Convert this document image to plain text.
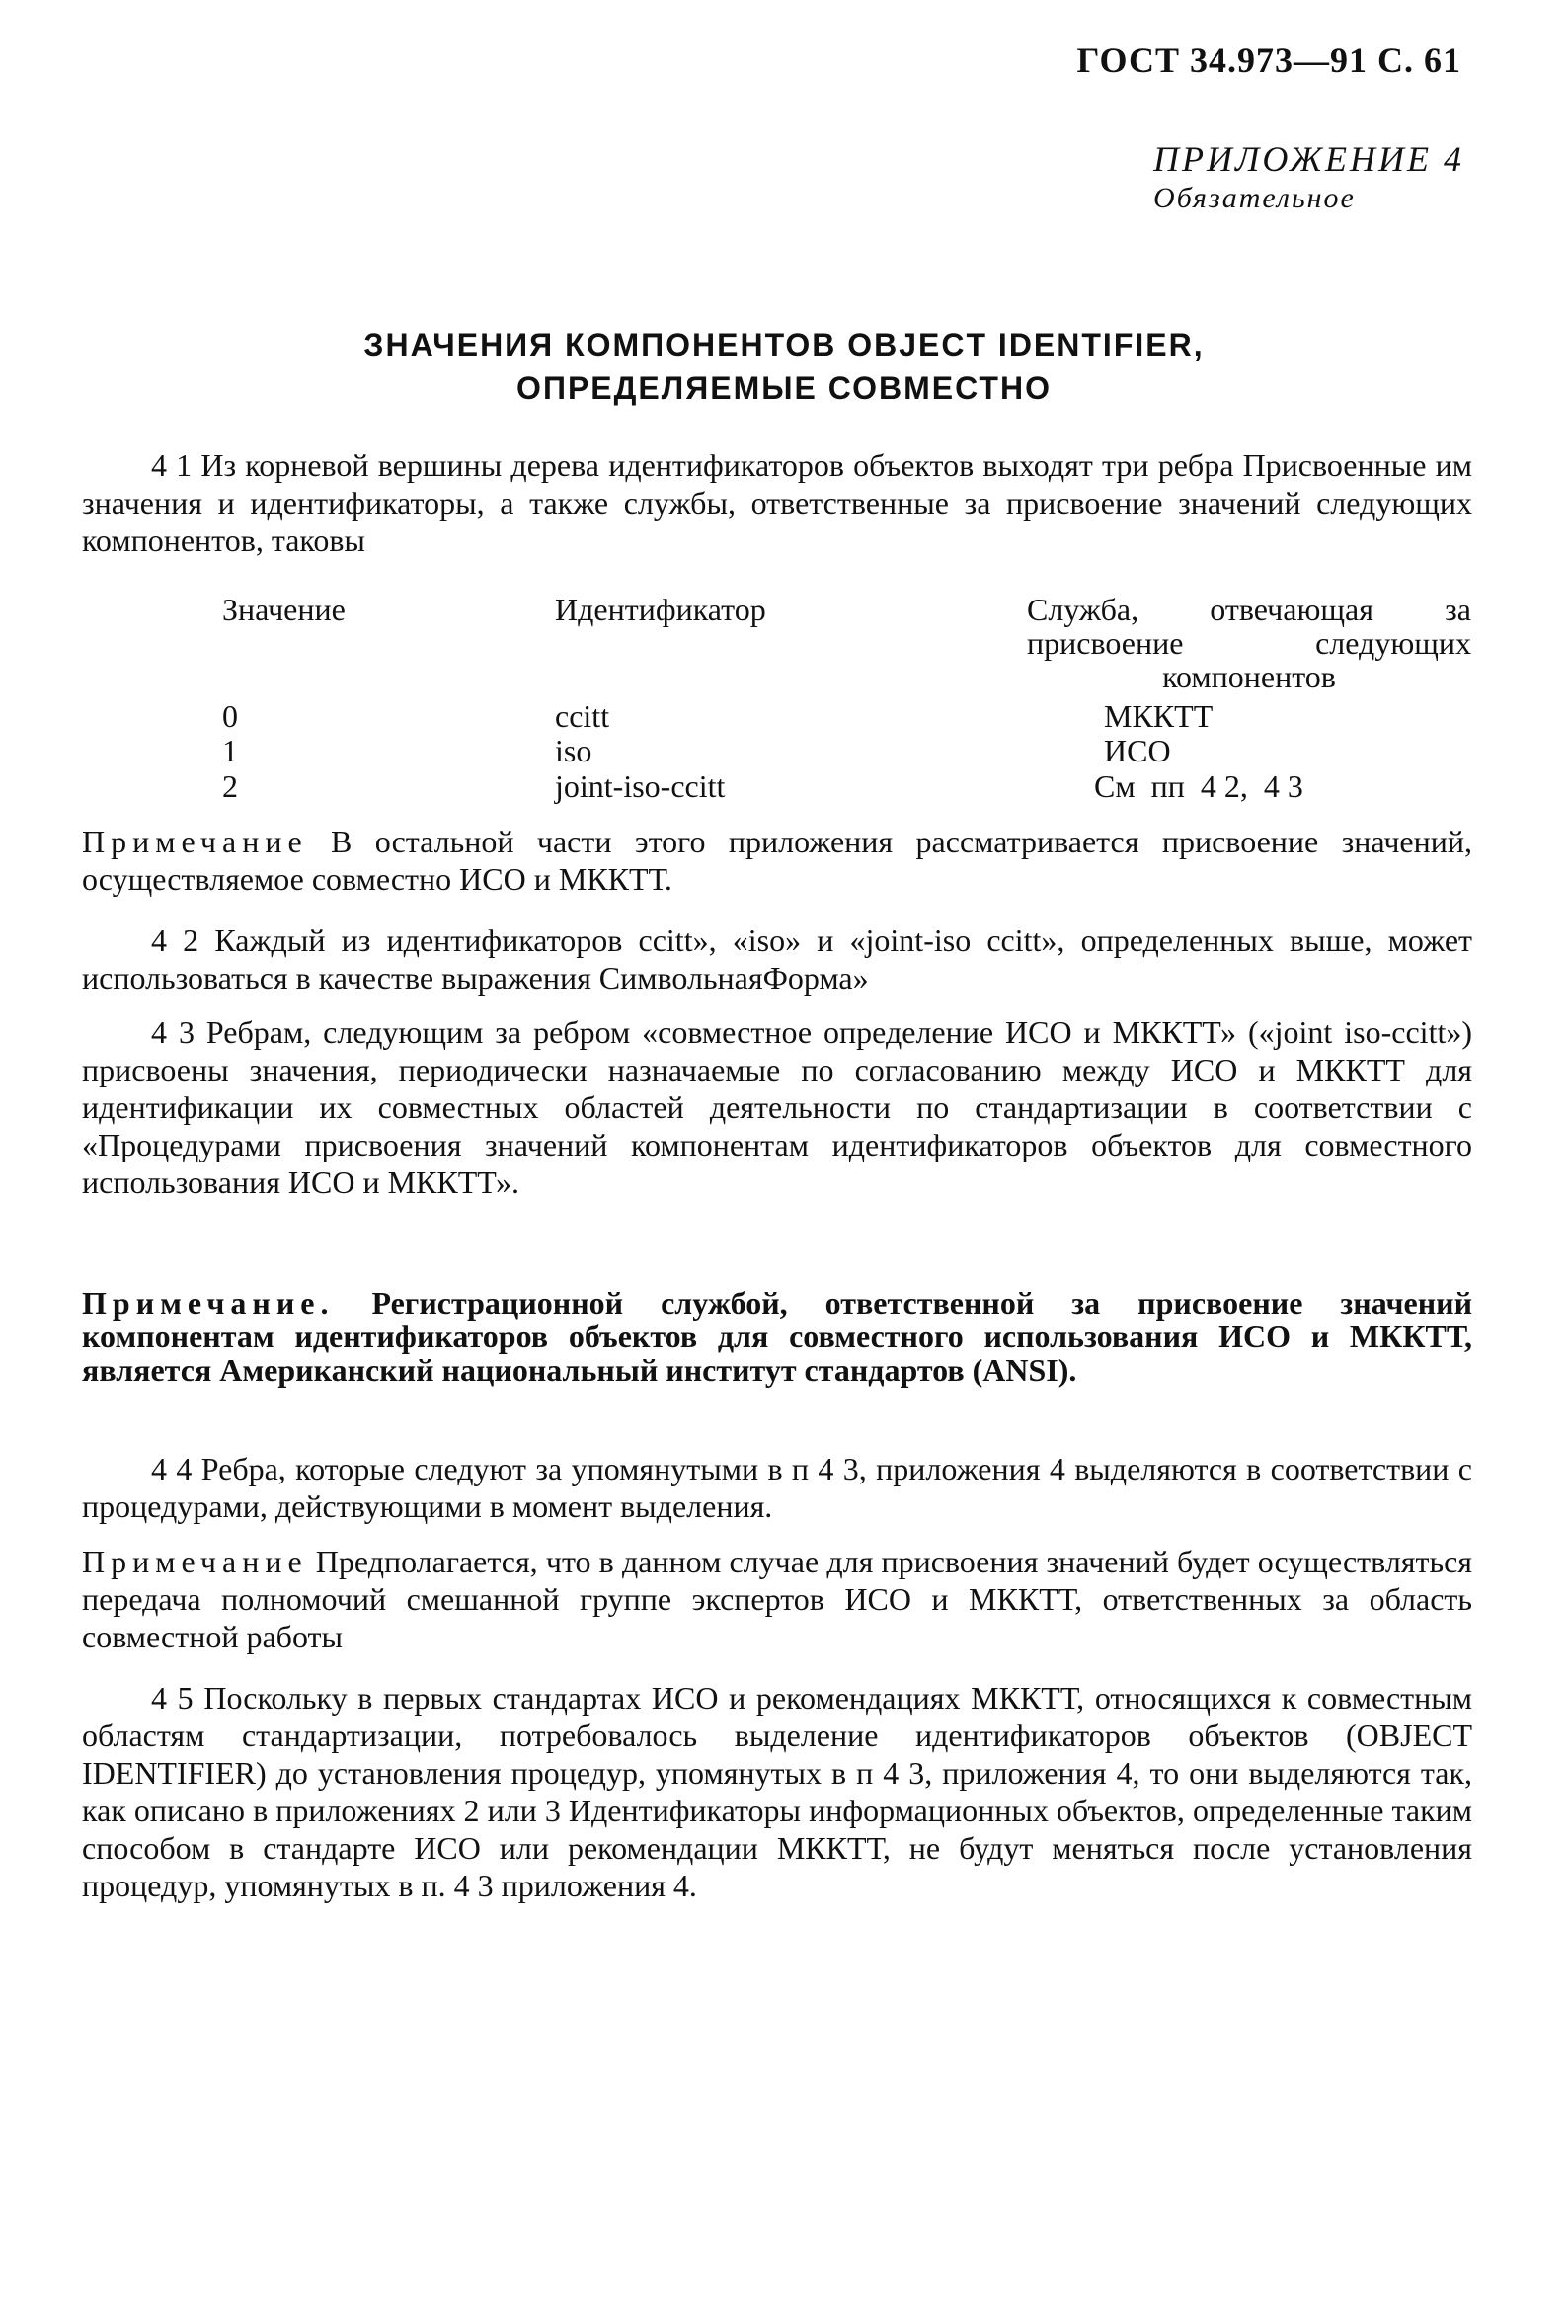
ГОСТ 34.973—91 С. 61
ПРИЛОЖЕНИЕ 4
Обязательное
ЗНАЧЕНИЯ КОМПОНЕНТОВ OBJECT IDENTIFIER,
ОПРЕДЕЛЯЕМЫЕ СОВМЕСТНО
4 1 Из корневой вершины дерева идентификаторов объектов выходят три ребра Присвоенные им значения и идентификаторы, а также службы, ответственные за присвоение значений следующих компонентов, таковы
Значение	Идентификатор	Служба, отвечающая за присвоение следующих компонентов
0	ccitt	МККТТ
1	iso	ИСО
2	joint-iso-ccitt	См  пп  4 2,  4 3
Примечание В остальной части этого приложения рассматривается присвоение значений, осуществляемое совместно ИСО и МККТТ.
4 2 Каждый из идентификаторов ccitt», «iso» и «joint-iso ccitt», определенных выше, может использоваться в качестве выражения СимвольнаяФорма»
4 3 Ребрам, следующим за ребром «совместное определение ИСО и МККТТ» («joint iso-ccitt») присвоены значения, периодически назначаемые по согласованию между ИСО и МККТТ для идентификации их совместных областей деятельности по стандартизации в соответствии с «Процедурами присвоения значений компонентам идентификаторов объектов для совместного использования ИСО и МККТТ».
Примечание. Регистрационной службой, ответственной за присвоение значений компонентам идентификаторов объектов для совместного использования ИСО и МККТТ, является Американский национальный институт стандартов (ANSI).
4 4 Ребра, которые следуют за упомянутыми в п 4 3, приложения 4 выделяются в соответствии с процедурами, действующими в момент выделения.
Примечание Предполагается, что в данном случае для присвоения значений будет осуществляться передача полномочий смешанной группе экспертов ИСО и МККТТ, ответственных за область совместной работы
4 5 Поскольку в первых стандартах ИСО и рекомендациях МККТТ, относящихся к совместным областям стандартизации, потребовалось выделение идентификаторов объектов (OBJECT IDENTIFIER) до установления процедур, упомянутых в п 4 3, приложения 4, то они выделяются так, как описано в приложениях 2 или 3 Идентификаторы информационных объектов, определенные таким способом в стандарте ИСО или рекомендации МККТТ, не будут меняться после установления процедур, упомянутых в п. 4 3 приложения 4.
